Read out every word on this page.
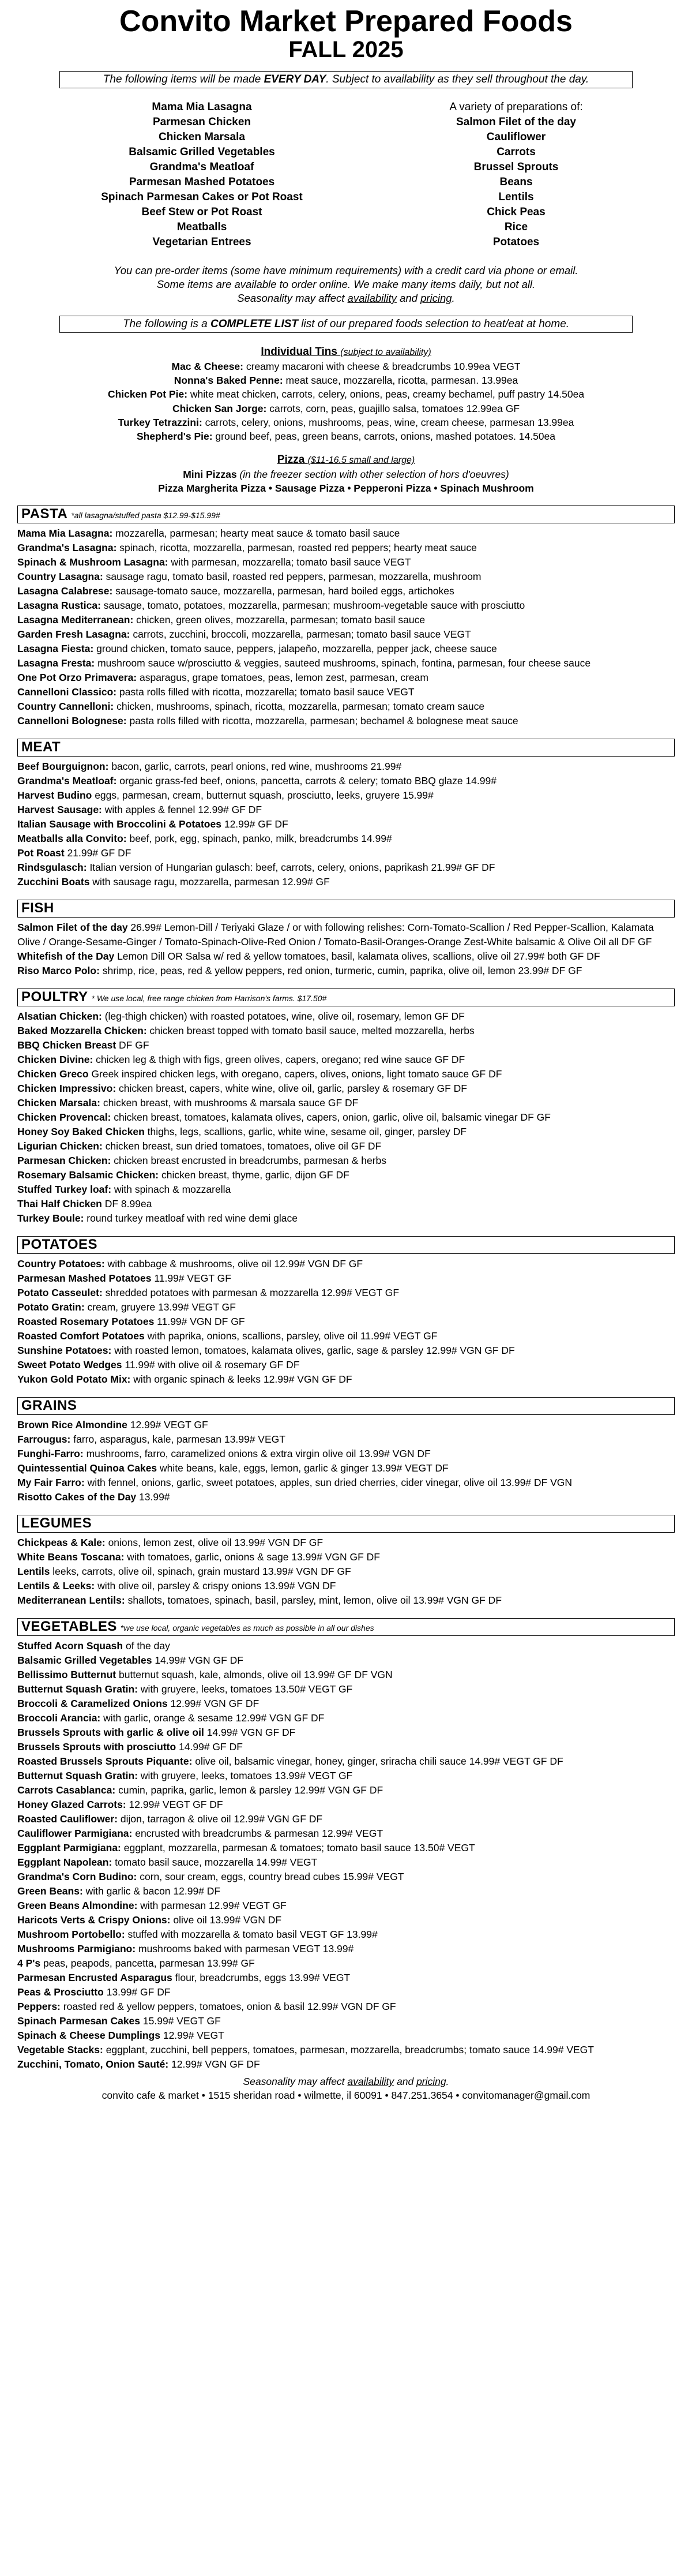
Convito Market Prepared Foods
FALL 2025
The following items will be made EVERY DAY. Subject to availability as they sell throughout the day.
Mama Mia Lasagna
Parmesan Chicken
Chicken Marsala
Balsamic Grilled Vegetables
Grandma's Meatloaf
Parmesan Mashed Potatoes
Spinach Parmesan Cakes or Pot Roast
Beef Stew or Pot Roast
Meatballs
Vegetarian Entrees
A variety of preparations of:
Salmon Filet of the day
Cauliflower
Carrots
Brussel Sprouts
Beans
Lentils
Chick Peas
Rice
Potatoes
You can pre-order items (some have minimum requirements) with a credit card via phone or email.
Some items are available to order online. We make many items daily, but not all.
Seasonality may affect availability and pricing.
The following is a COMPLETE LIST list of our prepared foods selection to heat/eat at home.
Individual Tins (subject to availability)
Mac & Cheese: creamy macaroni with cheese & breadcrumbs 10.99ea VEGT
Nonna's Baked Penne: meat sauce, mozzarella, ricotta, parmesan. 13.99ea
Chicken Pot Pie: white meat chicken, carrots, celery, onions, peas, creamy bechamel, puff pastry 14.50ea
Chicken San Jorge: carrots, corn, peas, guajillo salsa, tomatoes 12.99ea GF
Turkey Tetrazzini: carrots, celery, onions, mushrooms, peas, wine, cream cheese, parmesan 13.99ea
Shepherd's Pie: ground beef, peas, green beans, carrots, onions, mashed potatoes. 14.50ea
Pizza ($11-16.5 small and large)
Mini Pizzas (in the freezer section with other selection of hors d'oeuvres)
Pizza Margherita Pizza • Sausage Pizza • Pepperoni Pizza • Spinach Mushroom
PASTA *all lasagna/stuffed pasta $12.99-$15.99#
Mama Mia Lasagna: mozzarella, parmesan; hearty meat sauce & tomato basil sauce
Grandma's Lasagna: spinach, ricotta, mozzarella, parmesan, roasted red peppers; hearty meat sauce
Spinach & Mushroom Lasagna: with parmesan, mozzarella; tomato basil sauce VEGT
Country Lasagna: sausage ragu, tomato basil, roasted red peppers, parmesan, mozzarella, mushroom
Lasagna Calabrese: sausage-tomato sauce, mozzarella, parmesan, hard boiled eggs, artichokes
Lasagna Rustica: sausage, tomato, potatoes, mozzarella, parmesan; mushroom-vegetable sauce with prosciutto
Lasagna Mediterranean: chicken, green olives, mozzarella, parmesan; tomato basil sauce
Garden Fresh Lasagna: carrots, zucchini, broccoli, mozzarella, parmesan; tomato basil sauce VEGT
Lasagna Fiesta: ground chicken, tomato sauce, peppers, jalapeño, mozzarella, pepper jack, cheese sauce
Lasagna Fresta: mushroom sauce w/prosciutto & veggies, sauteed mushrooms, spinach, fontina, parmesan, four cheese sauce
One Pot Orzo Primavera: asparagus, grape tomatoes, peas, lemon zest, parmesan, cream
Cannelloni Classico: pasta rolls filled with ricotta, mozzarella; tomato basil sauce VEGT
Country Cannelloni: chicken, mushrooms, spinach, ricotta, mozzarella, parmesan; tomato cream sauce
Cannelloni Bolognese: pasta rolls filled with ricotta, mozzarella, parmesan; bechamel & bolognese meat sauce
MEAT
Beef Bourguignon: bacon, garlic, carrots, pearl onions, red wine, mushrooms 21.99#
Grandma's Meatloaf: organic grass-fed beef, onions, pancetta, carrots & celery; tomato BBQ glaze 14.99#
Harvest Budino eggs, parmesan, cream, butternut squash, prosciutto, leeks, gruyere 15.99#
Harvest Sausage: with apples & fennel 12.99# GF DF
Italian Sausage with Broccolini & Potatoes 12.99# GF DF
Meatballs alla Convito: beef, pork, egg, spinach, panko, milk, breadcrumbs 14.99#
Pot Roast 21.99# GF DF
Rindsgulasch: Italian version of Hungarian gulasch: beef, carrots, celery, onions, paprikash 21.99# GF DF
Zucchini Boats with sausage ragu, mozzarella, parmesan 12.99# GF
FISH
Salmon Filet of the day 26.99# Lemon-Dill / Teriyaki Glaze / or with following relishes: Corn-Tomato-Scallion / Red Pepper-Scallion, Kalamata Olive / Orange-Sesame-Ginger / Tomato-Spinach-Olive-Red Onion / Tomato-Basil-Oranges-Orange Zest-White balsamic & Olive Oil all DF GF
Whitefish of the Day Lemon Dill OR Salsa w/ red & yellow tomatoes, basil, kalamata olives, scallions, olive oil 27.99# both GF DF
Riso Marco Polo: shrimp, rice, peas, red & yellow peppers, red onion, turmeric, cumin, paprika, olive oil, lemon 23.99# DF GF
POULTRY * We use local, free range chicken from Harrison's farms. $17.50#
Alsatian Chicken: (leg-thigh chicken) with roasted potatoes, wine, olive oil, rosemary, lemon GF DF
Baked Mozzarella Chicken: chicken breast topped with tomato basil sauce, melted mozzarella, herbs
BBQ Chicken Breast DF GF
Chicken Divine: chicken leg & thigh with figs, green olives, capers, oregano; red wine sauce GF DF
Chicken Greco Greek inspired chicken legs, with oregano, capers, olives, onions, light tomato sauce GF DF
Chicken Impressivo: chicken breast, capers, white wine, olive oil, garlic, parsley & rosemary GF DF
Chicken Marsala: chicken breast, with mushrooms & marsala sauce GF DF
Chicken Provencal: chicken breast, tomatoes, kalamata olives, capers, onion, garlic, olive oil, balsamic vinegar DF GF
Honey Soy Baked Chicken thighs, legs, scallions, garlic, white wine, sesame oil, ginger, parsley DF
Ligurian Chicken: chicken breast, sun dried tomatoes, tomatoes, olive oil GF DF
Parmesan Chicken: chicken breast encrusted in breadcrumbs, parmesan & herbs
Rosemary Balsamic Chicken: chicken breast, thyme, garlic, dijon GF DF
Stuffed Turkey loaf: with spinach & mozzarella
Thai Half Chicken DF 8.99ea
Turkey Boule: round turkey meatloaf with red wine demi glace
POTATOES
Country Potatoes: with cabbage & mushrooms, olive oil 12.99# VGN DF GF
Parmesan Mashed Potatoes 11.99# VEGT GF
Potato Casseulet: shredded potatoes with parmesan & mozzarella 12.99# VEGT GF
Potato Gratin: cream, gruyere 13.99# VEGT GF
Roasted Rosemary Potatoes 11.99# VGN DF GF
Roasted Comfort Potatoes with paprika, onions, scallions, parsley, olive oil 11.99# VEGT GF
Sunshine Potatoes: with roasted lemon, tomatoes, kalamata olives, garlic, sage & parsley 12.99# VGN GF DF
Sweet Potato Wedges 11.99# with olive oil & rosemary GF DF
Yukon Gold Potato Mix: with organic spinach & leeks 12.99# VGN GF DF
GRAINS
Brown Rice Almondine 12.99# VEGT GF
Farrougus: farro, asparagus, kale, parmesan 13.99# VEGT
Funghi-Farro: mushrooms, farro, caramelized onions & extra virgin olive oil 13.99# VGN DF
Quintessential Quinoa Cakes white beans, kale, eggs, lemon, garlic & ginger 13.99# VEGT DF
My Fair Farro: with fennel, onions, garlic, sweet potatoes, apples, sun dried cherries, cider vinegar, olive oil 13.99# DF VGN
Risotto Cakes of the Day 13.99#
LEGUMES
Chickpeas & Kale: onions, lemon zest, olive oil 13.99# VGN DF GF
White Beans Toscana: with tomatoes, garlic, onions & sage 13.99# VGN GF DF
Lentils leeks, carrots, olive oil, spinach, grain mustard 13.99# VGN DF GF
Lentils & Leeks: with olive oil, parsley & crispy onions 13.99# VGN DF
Mediterranean Lentils: shallots, tomatoes, spinach, basil, parsley, mint, lemon, olive oil 13.99# VGN GF DF
VEGETABLES *we use local, organic vegetables as much as possible in all our dishes
Stuffed Acorn Squash of the day
Balsamic Grilled Vegetables 14.99# VGN GF DF
Bellissimo Butternut butternut squash, kale, almonds, olive oil 13.99# GF DF VGN
Butternut Squash Gratin: with gruyere, leeks, tomatoes 13.50# VEGT GF
Broccoli & Caramelized Onions 12.99# VGN GF DF
Broccoli Arancia: with garlic, orange & sesame 12.99# VGN GF DF
Brussels Sprouts with garlic & olive oil 14.99# VGN GF DF
Brussels Sprouts with prosciutto 14.99# GF DF
Roasted Brussels Sprouts Piquante: olive oil, balsamic vinegar, honey, ginger, sriracha chili sauce 14.99# VEGT GF DF
Butternut Squash Gratin: with gruyere, leeks, tomatoes 13.99# VEGT GF
Carrots Casablanca: cumin, paprika, garlic, lemon & parsley 12.99# VGN GF DF
Honey Glazed Carrots: 12.99# VEGT GF DF
Roasted Cauliflower: dijon, tarragon & olive oil 12.99# VGN GF DF
Cauliflower Parmigiana: encrusted with breadcrumbs & parmesan 12.99# VEGT
Eggplant Parmigiana: eggplant, mozzarella, parmesan & tomatoes; tomato basil sauce 13.50# VEGT
Eggplant Napolean: tomato basil sauce, mozzarella 14.99# VEGT
Grandma's Corn Budino: corn, sour cream, eggs, country bread cubes 15.99# VEGT
Green Beans: with garlic & bacon 12.99# DF
Green Beans Almondine: with parmesan 12.99# VEGT GF
Haricots Verts & Crispy Onions: olive oil 13.99# VGN DF
Mushroom Portobello: stuffed with mozzarella & tomato basil VEGT GF 13.99#
Mushrooms Parmigiano: mushrooms baked with parmesan VEGT 13.99#
4 P's peas, peapods, pancetta, parmesan 13.99# GF
Parmesan Encrusted Asparagus flour, breadcrumbs, eggs 13.99# VEGT
Peas & Prosciutto 13.99# GF DF
Peppers: roasted red & yellow peppers, tomatoes, onion & basil 12.99# VGN DF GF
Spinach Parmesan Cakes 15.99# VEGT GF
Spinach & Cheese Dumplings 12.99# VEGT
Vegetable Stacks: eggplant, zucchini, bell peppers, tomatoes, parmesan, mozzarella, breadcrumbs; tomato sauce 14.99# VEGT
Zucchini, Tomato, Onion Sauté: 12.99# VGN GF DF
Seasonality may affect availability and pricing.
convito cafe & market • 1515 sheridan road • wilmette, il 60091 • 847.251.3654 • convitomanager@gmail.com
